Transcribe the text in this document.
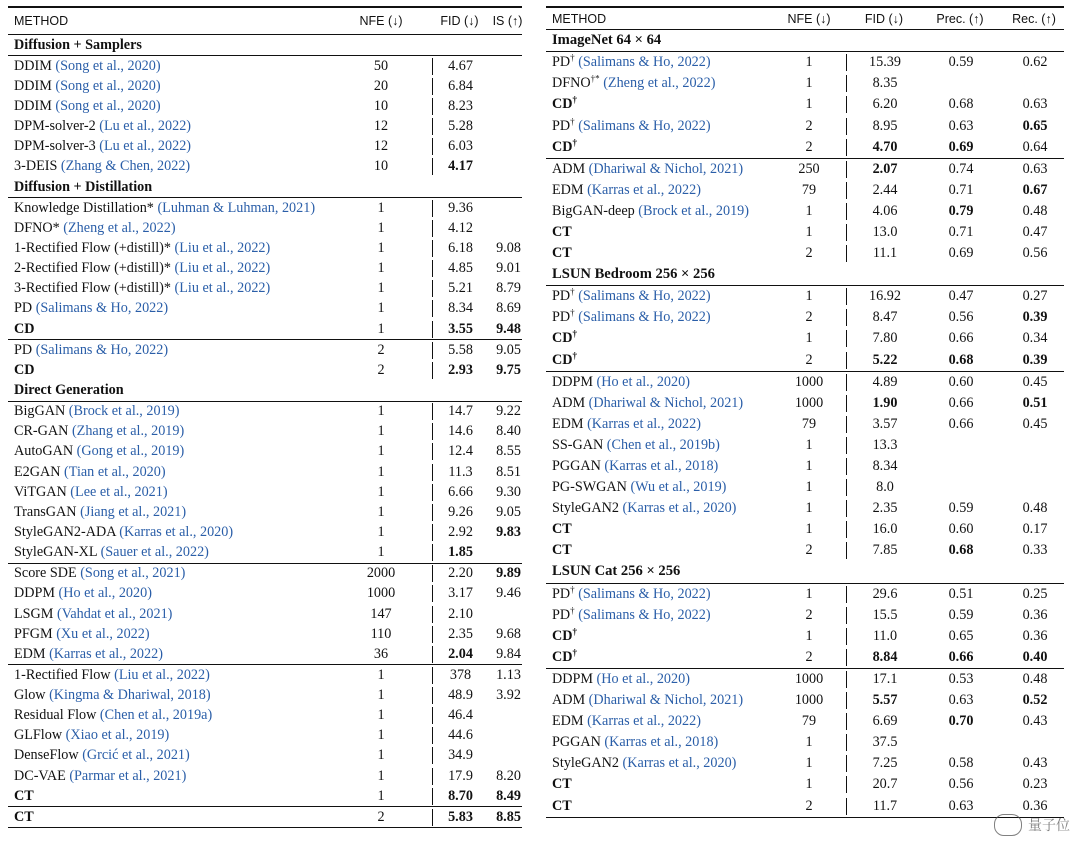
METHOD	NFE (↓)	FID (↓)	IS (↑)
Diffusion + Samplers
DDIM (Song et al., 2020)	50	4.67
DDIM (Song et al., 2020)	20	6.84
DDIM (Song et al., 2020)	10	8.23
DPM-solver-2 (Lu et al., 2022)	12	5.28
DPM-solver-3 (Lu et al., 2022)	12	6.03
3-DEIS (Zhang & Chen, 2022)	10	4.17
Diffusion + Distillation
Knowledge Distillation* (Luhman & Luhman, 2021)	1	9.36
DFNO* (Zheng et al., 2022)	1	4.12
1-Rectified Flow (+distill)* (Liu et al., 2022)	1	6.18	9.08
2-Rectified Flow (+distill)* (Liu et al., 2022)	1	4.85	9.01
3-Rectified Flow (+distill)* (Liu et al., 2022)	1	5.21	8.79
PD (Salimans & Ho, 2022)	1	8.34	8.69
CD	1	3.55	9.48
PD (Salimans & Ho, 2022)	2	5.58	9.05
CD	2	2.93	9.75
Direct Generation
BigGAN (Brock et al., 2019)	1	14.7	9.22
CR-GAN (Zhang et al., 2019)	1	14.6	8.40
AutoGAN (Gong et al., 2019)	1	12.4	8.55
E2GAN (Tian et al., 2020)	1	11.3	8.51
ViTGAN (Lee et al., 2021)	1	6.66	9.30
TransGAN (Jiang et al., 2021)	1	9.26	9.05
StyleGAN2-ADA (Karras et al., 2020)	1	2.92	9.83
StyleGAN-XL (Sauer et al., 2022)	1	1.85
Score SDE (Song et al., 2021)	2000	2.20	9.89
DDPM (Ho et al., 2020)	1000	3.17	9.46
LSGM (Vahdat et al., 2021)	147	2.10
PFGM (Xu et al., 2022)	110	2.35	9.68
EDM (Karras et al., 2022)	36	2.04	9.84
1-Rectified Flow (Liu et al., 2022)	1	378	1.13
Glow (Kingma & Dhariwal, 2018)	1	48.9	3.92
Residual Flow (Chen et al., 2019a)	1	46.4
GLFlow (Xiao et al., 2019)	1	44.6
DenseFlow (Grcić et al., 2021)	1	34.9
DC-VAE (Parmar et al., 2021)	1	17.9	8.20
CT	1	8.70	8.49
CT	2	5.83	8.85
METHOD	NFE (↓)	FID (↓)	Prec. (↑)	Rec. (↑)
ImageNet 64 × 64
PD† (Salimans & Ho, 2022)	1	15.39	0.59	0.62
DFNO†* (Zheng et al., 2022)	1	8.35
CD†	1	6.20	0.68	0.63
PD† (Salimans & Ho, 2022)	2	8.95	0.63	0.65
CD†	2	4.70	0.69	0.64
ADM (Dhariwal & Nichol, 2021)	250	2.07	0.74	0.63
EDM (Karras et al., 2022)	79	2.44	0.71	0.67
BigGAN-deep (Brock et al., 2019)	1	4.06	0.79	0.48
CT	1	13.0	0.71	0.47
CT	2	11.1	0.69	0.56
LSUN Bedroom 256 × 256
PD† (Salimans & Ho, 2022)	1	16.92	0.47	0.27
PD† (Salimans & Ho, 2022)	2	8.47	0.56	0.39
CD†	1	7.80	0.66	0.34
CD†	2	5.22	0.68	0.39
DDPM (Ho et al., 2020)	1000	4.89	0.60	0.45
ADM (Dhariwal & Nichol, 2021)	1000	1.90	0.66	0.51
EDM (Karras et al., 2022)	79	3.57	0.66	0.45
SS-GAN (Chen et al., 2019b)	1	13.3
PGGAN (Karras et al., 2018)	1	8.34
PG-SWGAN (Wu et al., 2019)	1	8.0
StyleGAN2 (Karras et al., 2020)	1	2.35	0.59	0.48
CT	1	16.0	0.60	0.17
CT	2	7.85	0.68	0.33
LSUN Cat 256 × 256
PD† (Salimans & Ho, 2022)	1	29.6	0.51	0.25
PD† (Salimans & Ho, 2022)	2	15.5	0.59	0.36
CD†	1	11.0	0.65	0.36
CD†	2	8.84	0.66	0.40
DDPM (Ho et al., 2020)	1000	17.1	0.53	0.48
ADM (Dhariwal & Nichol, 2021)	1000	5.57	0.63	0.52
EDM (Karras et al., 2022)	79	6.69	0.70	0.43
PGGAN (Karras et al., 2018)	1	37.5
StyleGAN2 (Karras et al., 2020)	1	7.25	0.58	0.43
CT	1	20.7	0.56	0.23
CT	2	11.7	0.63	0.36
量子位
